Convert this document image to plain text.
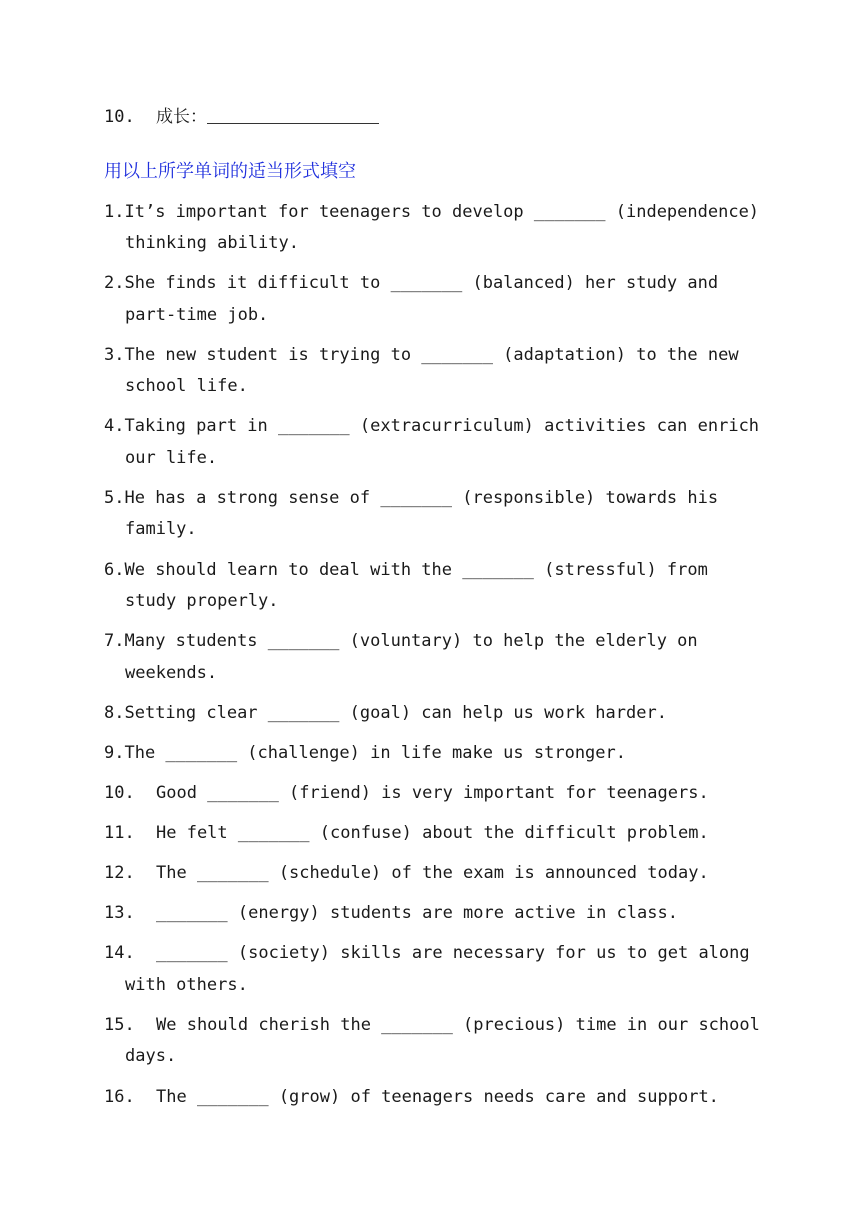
10. 成长：
用以上所学单词的适当形式填空
1.It’s important for teenagers to develop _______ (independence)
thinking ability.
2.She finds it difficult to _______ (balanced) her study and
part-time job.
3.The new student is trying to _______ (adaptation) to the new
school life.
4.Taking part in _______ (extracurriculum) activities can enrich
our life.
5.He has a strong sense of _______ (responsible) towards his
family.
6.We should learn to deal with the _______ (stressful) from
study properly.
7.Many students _______ (voluntary) to help the elderly on
weekends.
8.Setting clear _______ (goal) can help us work harder.
9.The _______ (challenge) in life make us stronger.
10. Good _______ (friend) is very important for teenagers.
11. He felt _______ (confuse) about the difficult problem.
12. The _______ (schedule) of the exam is announced today.
13. _______ (energy) students are more active in class.
14. _______ (society) skills are necessary for us to get along
with others.
15. We should cherish the _______ (precious) time in our school
days.
16. The _______ (grow) of teenagers needs care and support.
